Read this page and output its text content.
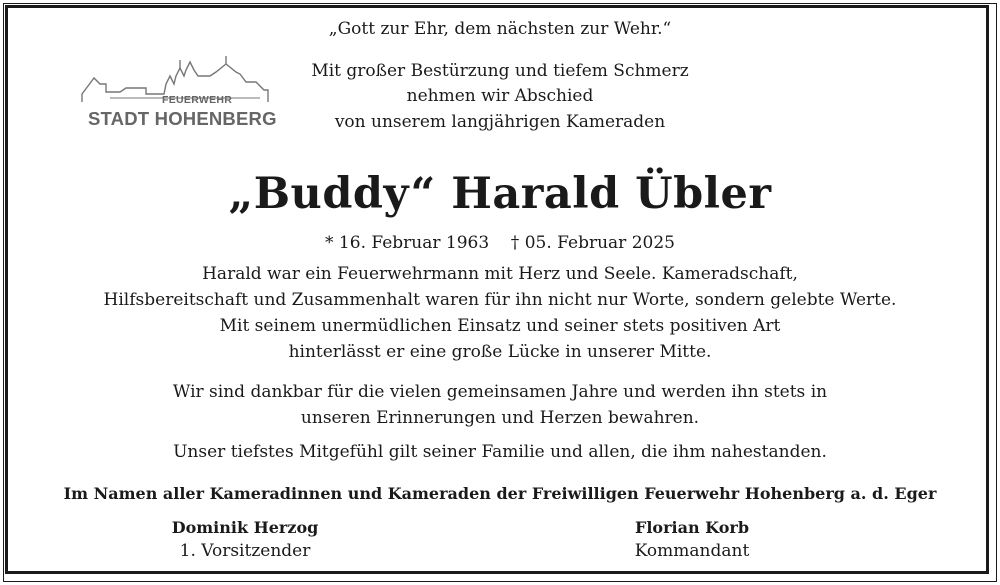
FEUERWEHR
STADT HOHENBERG
„Gott zur Ehr, dem nächsten zur Wehr.“
Mit großer Bestürzung und tiefem Schmerz
nehmen wir Abschied
von unserem langjährigen Kameraden
„Buddy“ Harald Übler
* 16. Februar 1963    † 05. Februar 2025
Harald war ein Feuerwehrmann mit Herz und Seele. Kameradschaft,
Hilfsbereitschaft und Zusammenhalt waren für ihn nicht nur Worte, sondern gelebte Werte.
Mit seinem unermüdlichen Einsatz und seiner stets positiven Art
hinterlässt er eine große Lücke in unserer Mitte.
Wir sind dankbar für die vielen gemeinsamen Jahre und werden ihn stets in
unseren Erinnerungen und Herzen bewahren.
Unser tiefstes Mitgefühl gilt seiner Familie und allen, die ihm nahestanden.
Im Namen aller Kameradinnen und Kameraden der Freiwilligen Feuerwehr Hohenberg a. d. Eger
Dominik Herzog
1. Vorsitzender
Florian Korb
Kommandant
